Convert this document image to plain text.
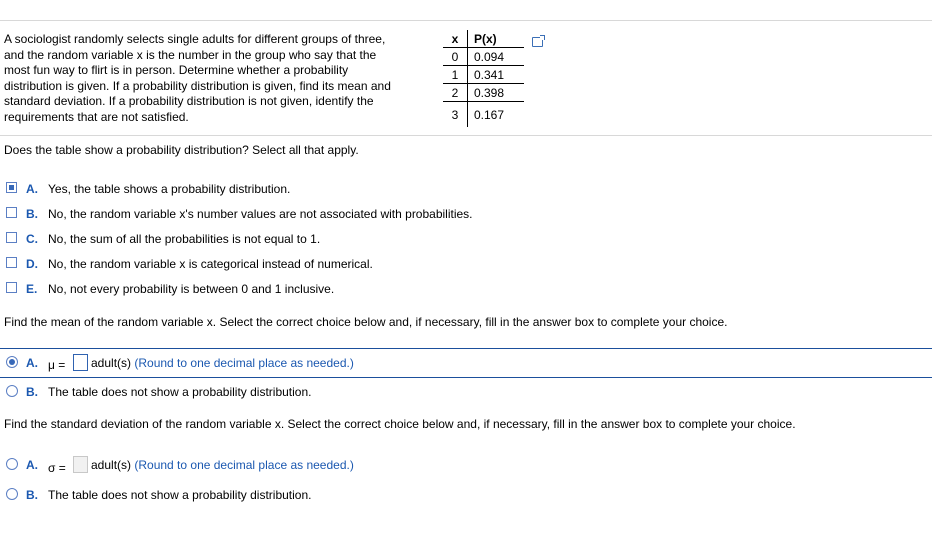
A sociologist randomly selects single adults for different groups of three,
and the random variable x is the number in the group who say that the
most fun way to flirt is in person. Determine whether a probability
distribution is given. If a probability distribution is given, find its mean and
standard deviation. If a probability distribution is not given, identify the
requirements that are not satisfied.
x	P(x)
0	0.094
1	0.341
2	0.398
3	0.167
Does the table show a probability distribution? Select all that apply.
A. Yes, the table shows a probability distribution.
B. No, the random variable x's number values are not associated with probabilities.
C. No, the sum of all the probabilities is not equal to 1.
D. No, the random variable x is categorical instead of numerical.
E. No, not every probability is between 0 and 1 inclusive.
Find the mean of the random variable x. Select the correct choice below and, if necessary, fill in the answer box to complete your choice.
A. μ = adult(s) (Round to one decimal place as needed.)
B. The table does not show a probability distribution.
Find the standard deviation of the random variable x. Select the correct choice below and, if necessary, fill in the answer box to complete your choice.
A. σ = adult(s) (Round to one decimal place as needed.)
B. The table does not show a probability distribution.
